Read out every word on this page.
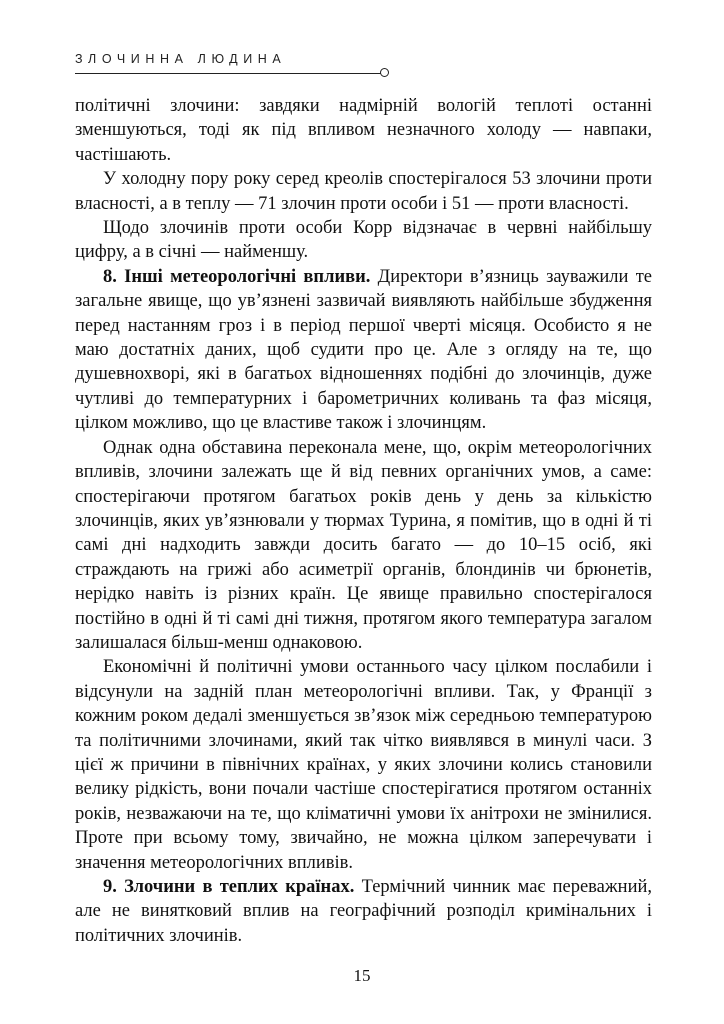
ЗЛОЧИННА ЛЮДИНА

політичні злочини: завдяки надмірній вологій теплоті останні зменшуються, тоді як під впливом незначного холоду — навпаки, частішають.

У холодну пору року серед креолів спостерігалося 53 злочини проти власності, а в теплу — 71 злочин проти особи і 51 — проти власності.

Щодо злочинів проти особи Корр відзначає в червні найбільшу цифру, а в січні — найменшу.

8. Інші метеорологічні впливи. Директори в’язниць зауважили те загальне явище, що ув’язнені зазвичай виявляють найбільше збудження перед настанням гроз і в період першої чверті місяця. Особисто я не маю достатніх даних, щоб судити про це. Але з огляду на те, що душевнохворі, які в багатьох відношеннях подібні до злочинців, дуже чутливі до температурних і барометричних коливань та фаз місяця, цілком можливо, що це властиве також і злочинцям.

Однак одна обставина переконала мене, що, окрім метеорологічних впливів, злочини залежать ще й від певних органічних умов, а саме: спостерігаючи протягом багатьох років день у день за кількістю злочинців, яких ув’язнювали у тюрмах Турина, я помітив, що в одні й ті самі дні надходить завжди досить багато — до 10–15 осіб, які страждають на грижі або асиметрії органів, блондинів чи брюнетів, нерідко навіть із різних країн. Це явище правильно спостерігалося постійно в одні й ті самі дні тижня, протягом якого температура загалом залишалася більш-менш однаковою.

Економічні й політичні умови останнього часу цілком послабили і відсунули на задній план метеорологічні впливи. Так, у Франції з кожним роком дедалі зменшується зв’язок між середньою температурою та політичними злочинами, який так чітко виявлявся в минулі часи. З цієї ж причини в північних країнах, у яких злочини колись становили велику рідкість, вони почали частіше спостерігатися протягом останніх років, незважаючи на те, що кліматичні умови їх анітрохи не змінилися. Проте при всьому тому, звичайно, не можна цілком заперечувати і значення метеорологічних впливів.

9. Злочини в теплих країнах. Термічний чинник має переважний, але не винятковий вплив на географічний розподіл кримінальних і політичних злочинів.

15
